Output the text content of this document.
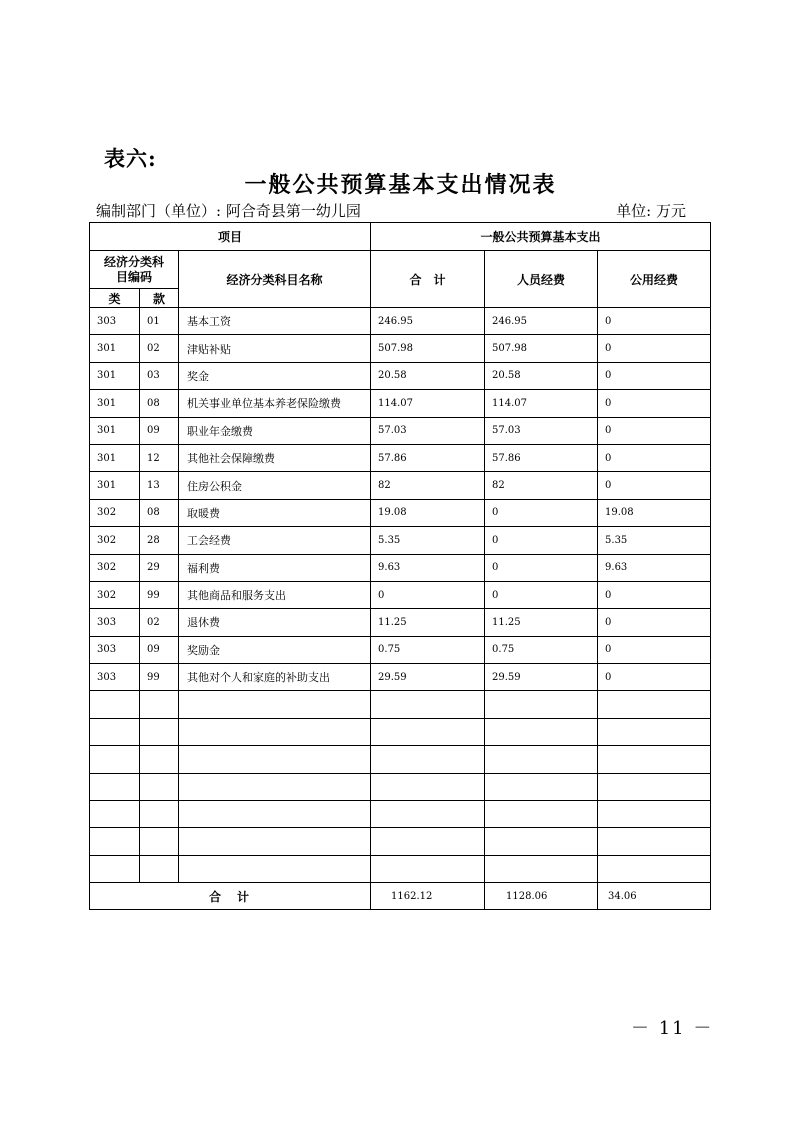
表六:
一般公共预算基本支出情况表
编制部门（单位）: 阿合奇县第一幼儿园	单位: 万元
项目			一般公共预算基本支出		
经济分类科
目编码		经济分类科目名称	合　计	人员经费	公用经费
类	款				
303	01	基本工资	246.95	246.95	0
301	02	津贴补贴	507.98	507.98	0
301	03	奖金	20.58	20.58	0
301	08	机关事业单位基本养老保险缴费	114.07	114.07	0
301	09	职业年金缴费	57.03	57.03	0
301	12	其他社会保障缴费	57.86	57.86	0
301	13	住房公积金	82	82	0
302	08	取暖费	19.08	0	19.08
302	28	工会经费	5.35	0	5.35
302	29	福利费	9.63	0	9.63
302	99	其他商品和服务支出	0	0	0
303	02	退休费	11.25	11.25	0
303	09	奖励金	0.75	0.75	0
303	99	其他对个人和家庭的补助支出	29.59	29.59	0

合　计			1162.12	1128.06	34.06
－ 11 －
